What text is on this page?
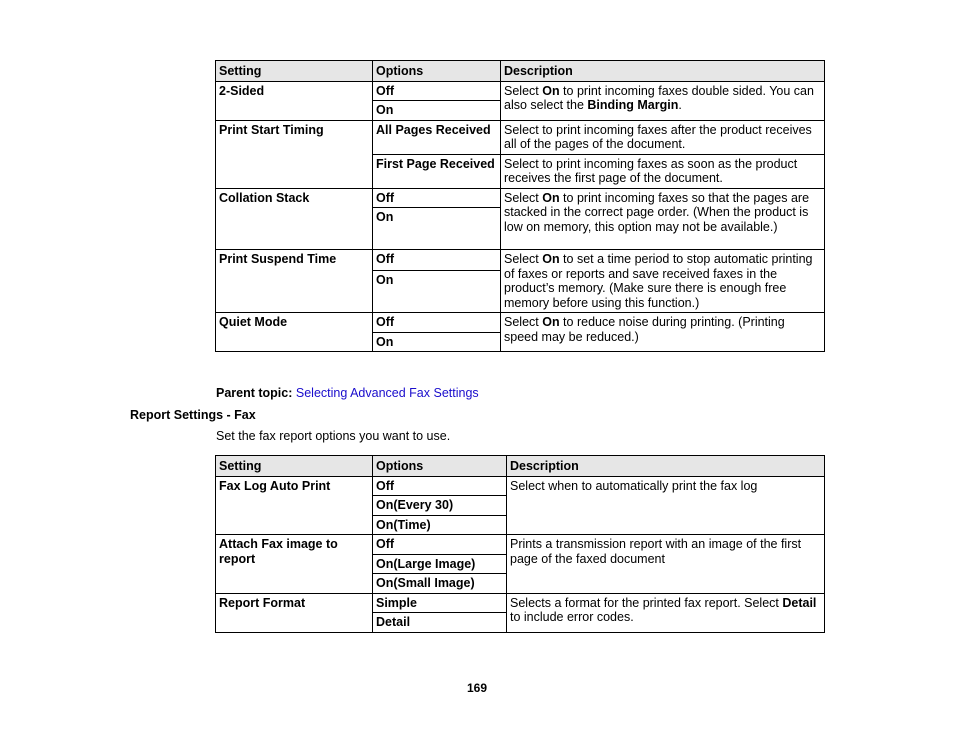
Setting	Options	Description
2-Sided	Off	Select On to print incoming faxes double sided. You can also select the Binding Margin.
	On	
Print Start Timing	All Pages Received	Select to print incoming faxes after the product receives all of the pages of the document.
	First Page Received	Select to print incoming faxes as soon as the product receives the first page of the document.
Collation Stack	Off	Select On to print incoming faxes so that the pages are stacked in the correct page order. (When the product is low on memory, this option may not be available.)
	On	
Print Suspend Time	Off	Select On to set a time period to stop automatic printing of faxes or reports and save received faxes in the product’s memory. (Make sure there is enough free memory before using this function.)
	On	
Quiet Mode	Off	Select On to reduce noise during printing. (Printing speed may be reduced.)
	On	
Parent topic: Selecting Advanced Fax Settings
Report Settings - Fax
Set the fax report options you want to use.
Setting	Options	Description
Fax Log Auto Print	Off	Select when to automatically print the fax log
	On(Every 30)	
	On(Time)	
Attach Fax image to report	Off	Prints a transmission report with an image of the first page of the faxed document
	On(Large Image)	
	On(Small Image)	
Report Format	Simple	Selects a format for the printed fax report. Select Detail to include error codes.
	Detail	
169
